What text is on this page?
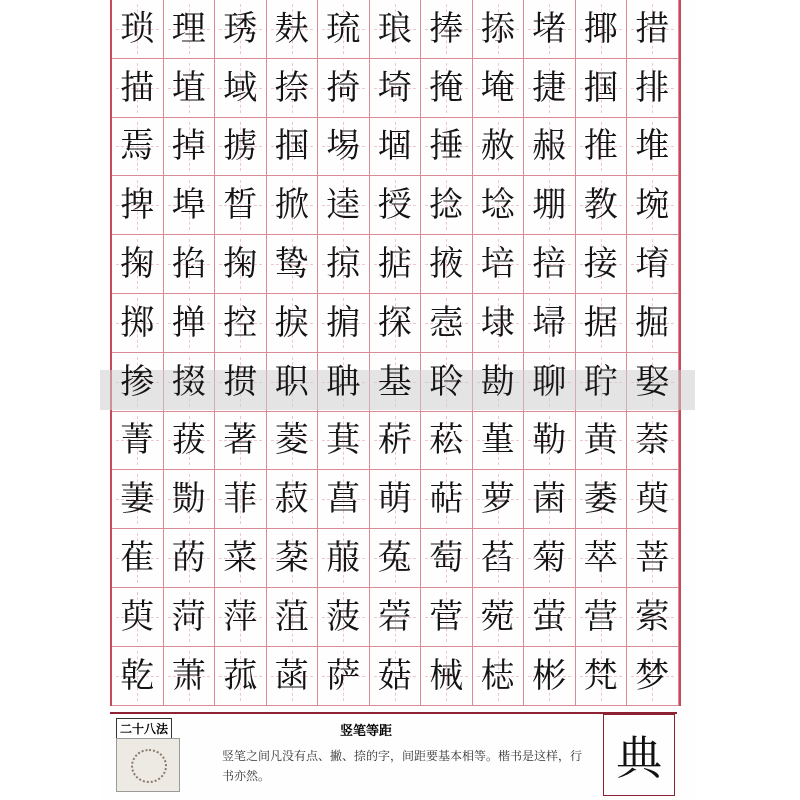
琐 理 琇 麸 琉 琅 捧 掭 堵 揶 措
描 埴 域 捺 掎 埼 掩 埯 捷 掴 排
焉 掉 掳 掴 埸 堌 捶 赦 赧 推 堆
捭 埠 晳 掀 逵 授 捻 埝 堋 教 埦
掬 掐 掬 鸷 掠 掂 掖 培 掊 接 堉
掷 掸 控 捩 掮 探 悫 埭 埽 据 掘
掺 掇 掼 职 聃 基 聆 勘 聊 聍 娶
菁 菝 著 菱 萁 菥 菘 堇 勒 黄 萘
萋 勚 菲 菽 菖 萌 萜 萝 菌 萎 萸
萑 菂 菜 棻 菔 菟 萄 萏 菊 萃 菩
萸 菏 萍 菹 菠 菪 菅 菀 萤 营 萦
乾 萧 菰 菡 萨 菇 械 梽 彬 梵 梦
二十八法	竖笔等距
竖笔之间凡没有点、撇、捺的字，间距要基本相等。楷书是这样，行书亦然。	典
